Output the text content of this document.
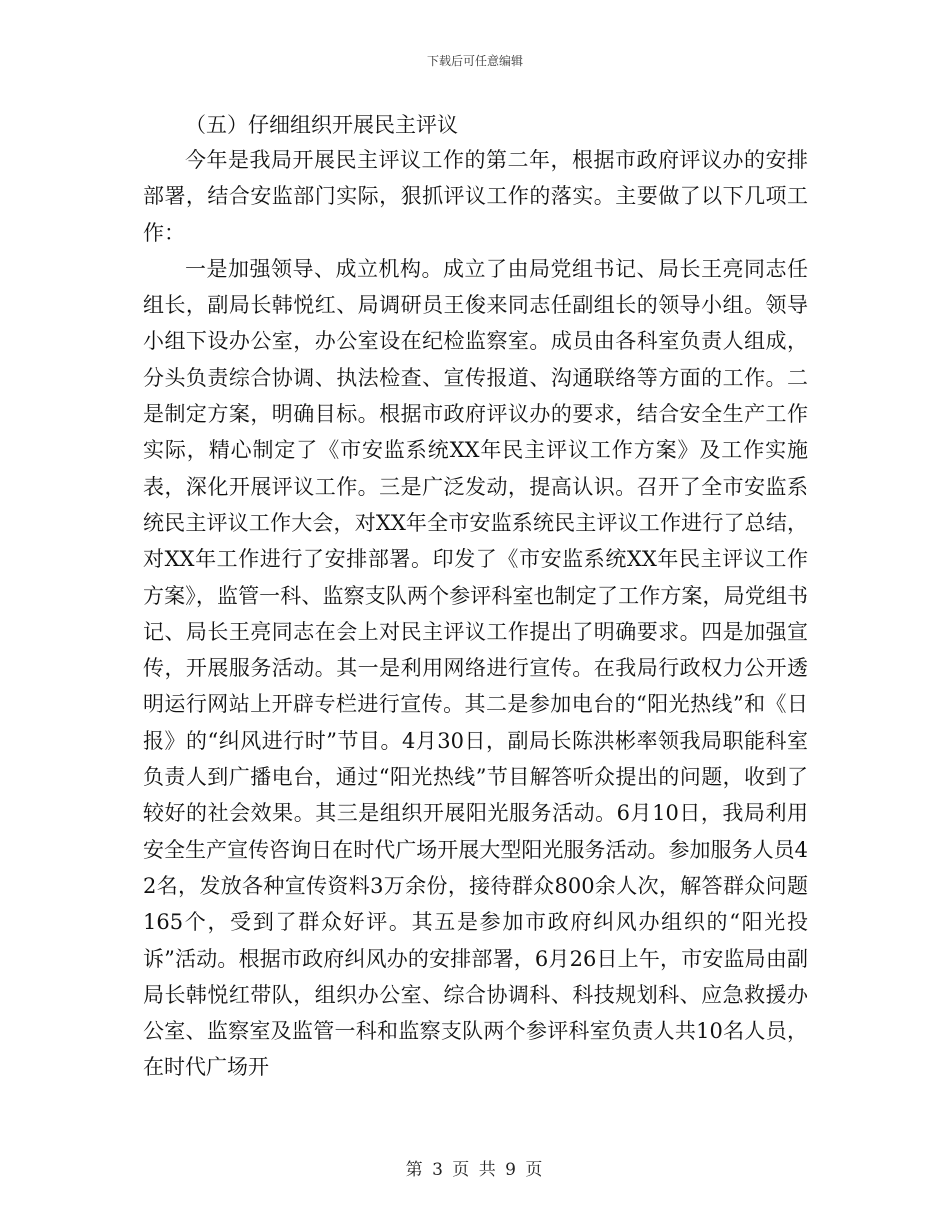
下载后可任意编辑
（五）仔细组织开展民主评议

今年是我局开展民主评议工作的第二年，根据市政府评议办的安排部署，结合安监部门实际，狠抓评议工作的落实。主要做了以下几项工作：

一是加强领导、成立机构。成立了由局党组书记、局长王亮同志任组长，副局长韩悦红、局调研员王俊来同志任副组长的领导小组。领导小组下设办公室，办公室设在纪检监察室。成员由各科室负责人组成，分头负责综合协调、执法检查、宣传报道、沟通联络等方面的工作。二是制定方案，明确目标。根据市政府评议办的要求，结合安全生产工作实际，精心制定了《市安监系统XX年民主评议工作方案》及工作实施表，深化开展评议工作。三是广泛发动，提高认识。召开了全市安监系统民主评议工作大会，对XX年全市安监系统民主评议工作进行了总结，对XX年工作进行了安排部署。印发了《市安监系统XX年民主评议工作方案》，监管一科、监察支队两个参评科室也制定了工作方案，局党组书记、局长王亮同志在会上对民主评议工作提出了明确要求。四是加强宣传，开展服务活动。其一是利用网络进行宣传。在我局行政权力公开透明运行网站上开辟专栏进行宣传。其二是参加电台的“阳光热线”和《日报》的“纠风进行时”节目。4月30日，副局长陈洪彬率领我局职能科室负责人到广播电台，通过“阳光热线”节目解答听众提出的问题，收到了较好的社会效果。其三是组织开展阳光服务活动。6月10日，我局利用安全生产宣传咨询日在时代广场开展大型阳光服务活动。参加服务人员42名，发放各种宣传资料3万余份，接待群众800余人次，解答群众问题165个，受到了群众好评。其五是参加市政府纠风办组织的“阳光投诉”活动。根据市政府纠风办的安排部署，6月26日上午，市安监局由副局长韩悦红带队，组织办公室、综合协调科、科技规划科、应急救援办公室、监察室及监管一科和监察支队两个参评科室负责人共10名人员，在时代广场开

第 3 页 共 9 页
